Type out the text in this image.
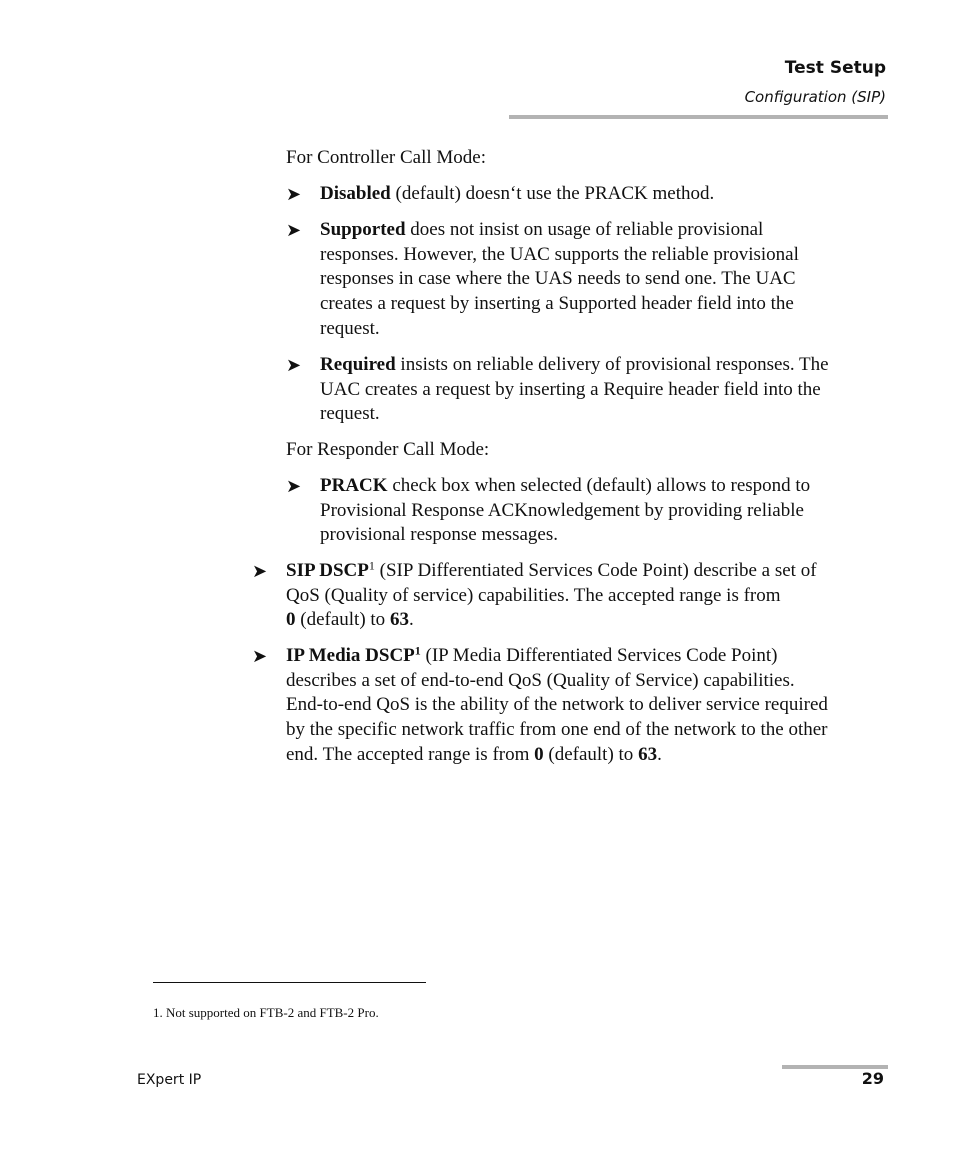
Test Setup
Configuration (SIP)

For Controller Call Mode:

➤ Disabled (default) doesn‘t use the PRACK method.
➤ Supported does not insist on usage of reliable provisional
responses. However, the UAC supports the reliable provisional
responses in case where the UAS needs to send one. The UAC
creates a request by inserting a Supported header field into the
request.
➤ Required insists on reliable delivery of provisional responses. The
UAC creates a request by inserting a Require header field into the
request.

For Responder Call Mode:

➤ PRACK check box when selected (default) allows to respond to
Provisional Response ACKnowledgement by providing reliable
provisional response messages.
➤ SIP DSCP$^1$ (SIP Differentiated Services Code Point) describe a set of
QoS (Quality of service) capabilities. The accepted range is from
0 (default) to 63.
➤ IP Media DSCP$^1$ (IP Media Differentiated Services Code Point)
describes a set of end-to-end QoS (Quality of Service) capabilities.
End-to-end QoS is the ability of the network to deliver service required
by the specific network traffic from one end of the network to the other
end. The accepted range is from 0 (default) to 63.
1. Not supported on FTB-2 and FTB-2 Pro.
EXpert IP	29
